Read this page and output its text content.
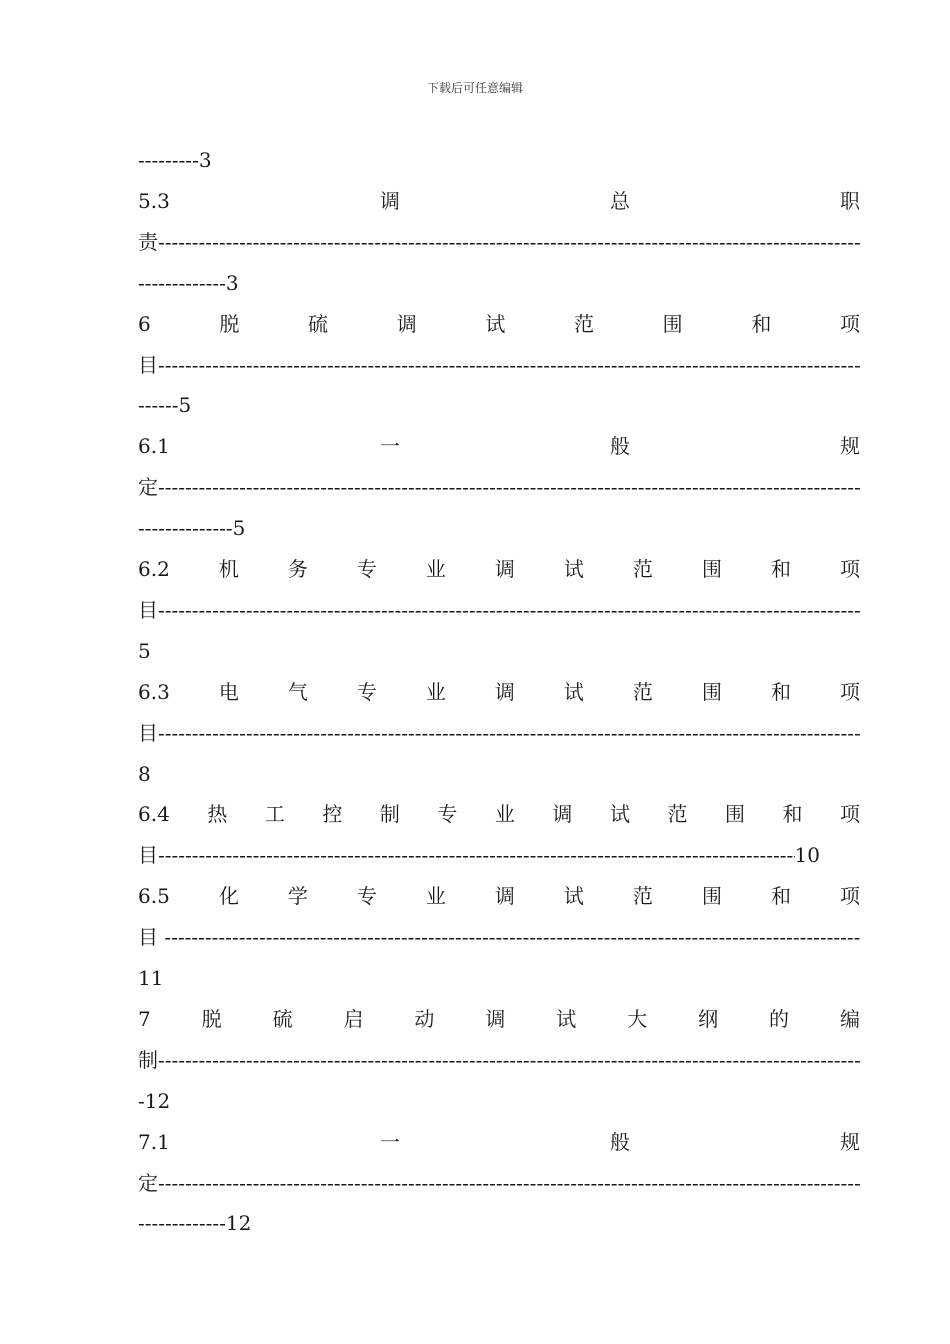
下载后可任意编辑
---------3
5.3	调	总	职
责
-----
-------------3
6	脱	硫	调	试	范	围	和	项
目
-----
------5
6.1	一	般	规
定
-----
--------------5
6.2 机 务 专 业 调 试 范 围 和 项
目
-----
5
6.3 电 气 专 业 调 试 范 围 和 项
目
-----
8
6.4 热 工 控 制 专 业 调 试 范 围 和 项
目
-----	10
6.5 化 学 专 业 调 试 范 围 和 项
目
-----
11
7	脱	硫	启	动	调	试	大	纲	的	编
制
-----
-12
7.1	一	般	规
定
-----
-------------12
